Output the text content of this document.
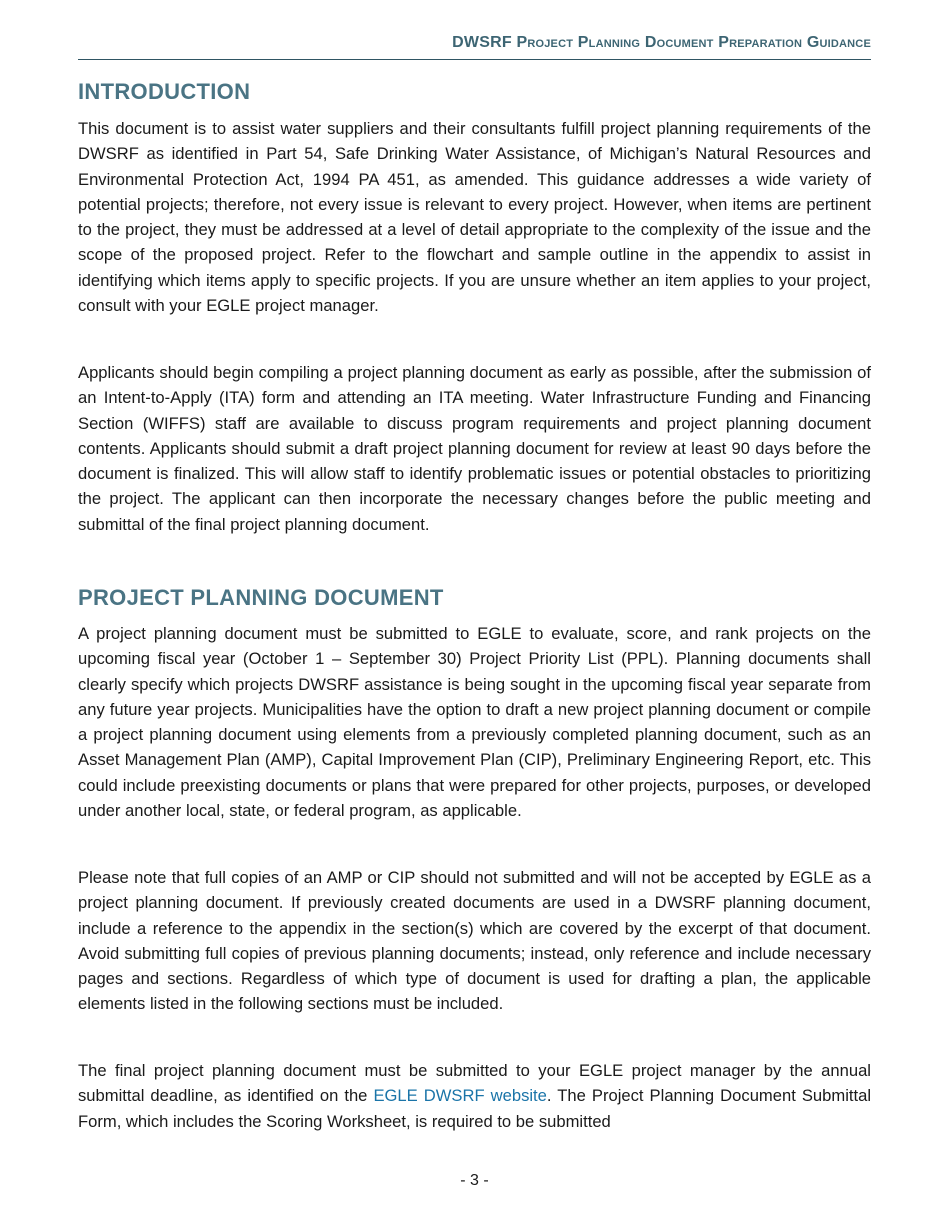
DWSRF Project Planning Document Preparation Guidance
INTRODUCTION

This document is to assist water suppliers and their consultants fulfill project planning requirements of the DWSRF as identified in Part 54, Safe Drinking Water Assistance, of Michigan’s Natural Resources and Environmental Protection Act, 1994 PA 451, as amended. This guidance addresses a wide variety of potential projects; therefore, not every issue is relevant to every project. However, when items are pertinent to the project, they must be addressed at a level of detail appropriate to the complexity of the issue and the scope of the proposed project. Refer to the flowchart and sample outline in the appendix to assist in identifying which items apply to specific projects. If you are unsure whether an item applies to your project, consult with your EGLE project manager.

Applicants should begin compiling a project planning document as early as possible, after the submission of an Intent-to-Apply (ITA) form and attending an ITA meeting. Water Infrastructure Funding and Financing Section (WIFFS) staff are available to discuss program requirements and project planning document contents. Applicants should submit a draft project planning document for review at least 90 days before the document is finalized. This will allow staff to identify problematic issues or potential obstacles to prioritizing the project. The applicant can then incorporate the necessary changes before the public meeting and submittal of the final project planning document.

PROJECT PLANNING DOCUMENT

A project planning document must be submitted to EGLE to evaluate, score, and rank projects on the upcoming fiscal year (October 1 – September 30) Project Priority List (PPL). Planning documents shall clearly specify which projects DWSRF assistance is being sought in the upcoming fiscal year separate from any future year projects. Municipalities have the option to draft a new project planning document or compile a project planning document using elements from a previously completed planning document, such as an Asset Management Plan (AMP), Capital Improvement Plan (CIP), Preliminary Engineering Report, etc. This could include preexisting documents or plans that were prepared for other projects, purposes, or developed under another local, state, or federal program, as applicable.

Please note that full copies of an AMP or CIP should not submitted and will not be accepted by EGLE as a project planning document. If previously created documents are used in a DWSRF planning document, include a reference to the appendix in the section(s) which are covered by the excerpt of that document. Avoid submitting full copies of previous planning documents; instead, only reference and include necessary pages and sections. Regardless of which type of document is used for drafting a plan, the applicable elements listed in the following sections must be included.

The final project planning document must be submitted to your EGLE project manager by the annual submittal deadline, as identified on the EGLE DWSRF website. The Project Planning Document Submittal Form, which includes the Scoring Worksheet, is required to be submitted

- 3 -
